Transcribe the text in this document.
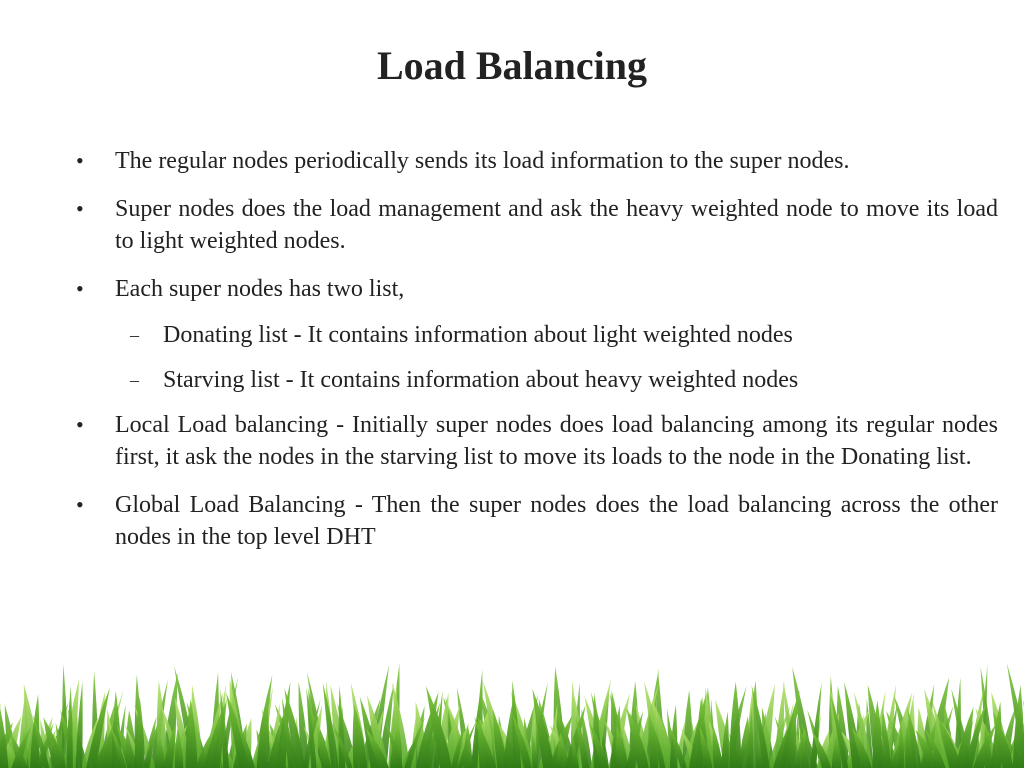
Load Balancing
• The regular nodes periodically sends its load information to the super nodes.
• Super nodes does the load management and ask the heavy weighted node to move its load to light weighted nodes.
• Each super nodes has two list,
– Donating list - It contains information about light weighted nodes
– Starving list - It contains information about heavy weighted nodes
• Local Load balancing - Initially super nodes does load balancing among its regular nodes first, it ask the nodes in the starving list to move its loads to the node in the Donating list.
• Global Load Balancing - Then the super nodes does the load balancing across the other nodes in the top level DHT
